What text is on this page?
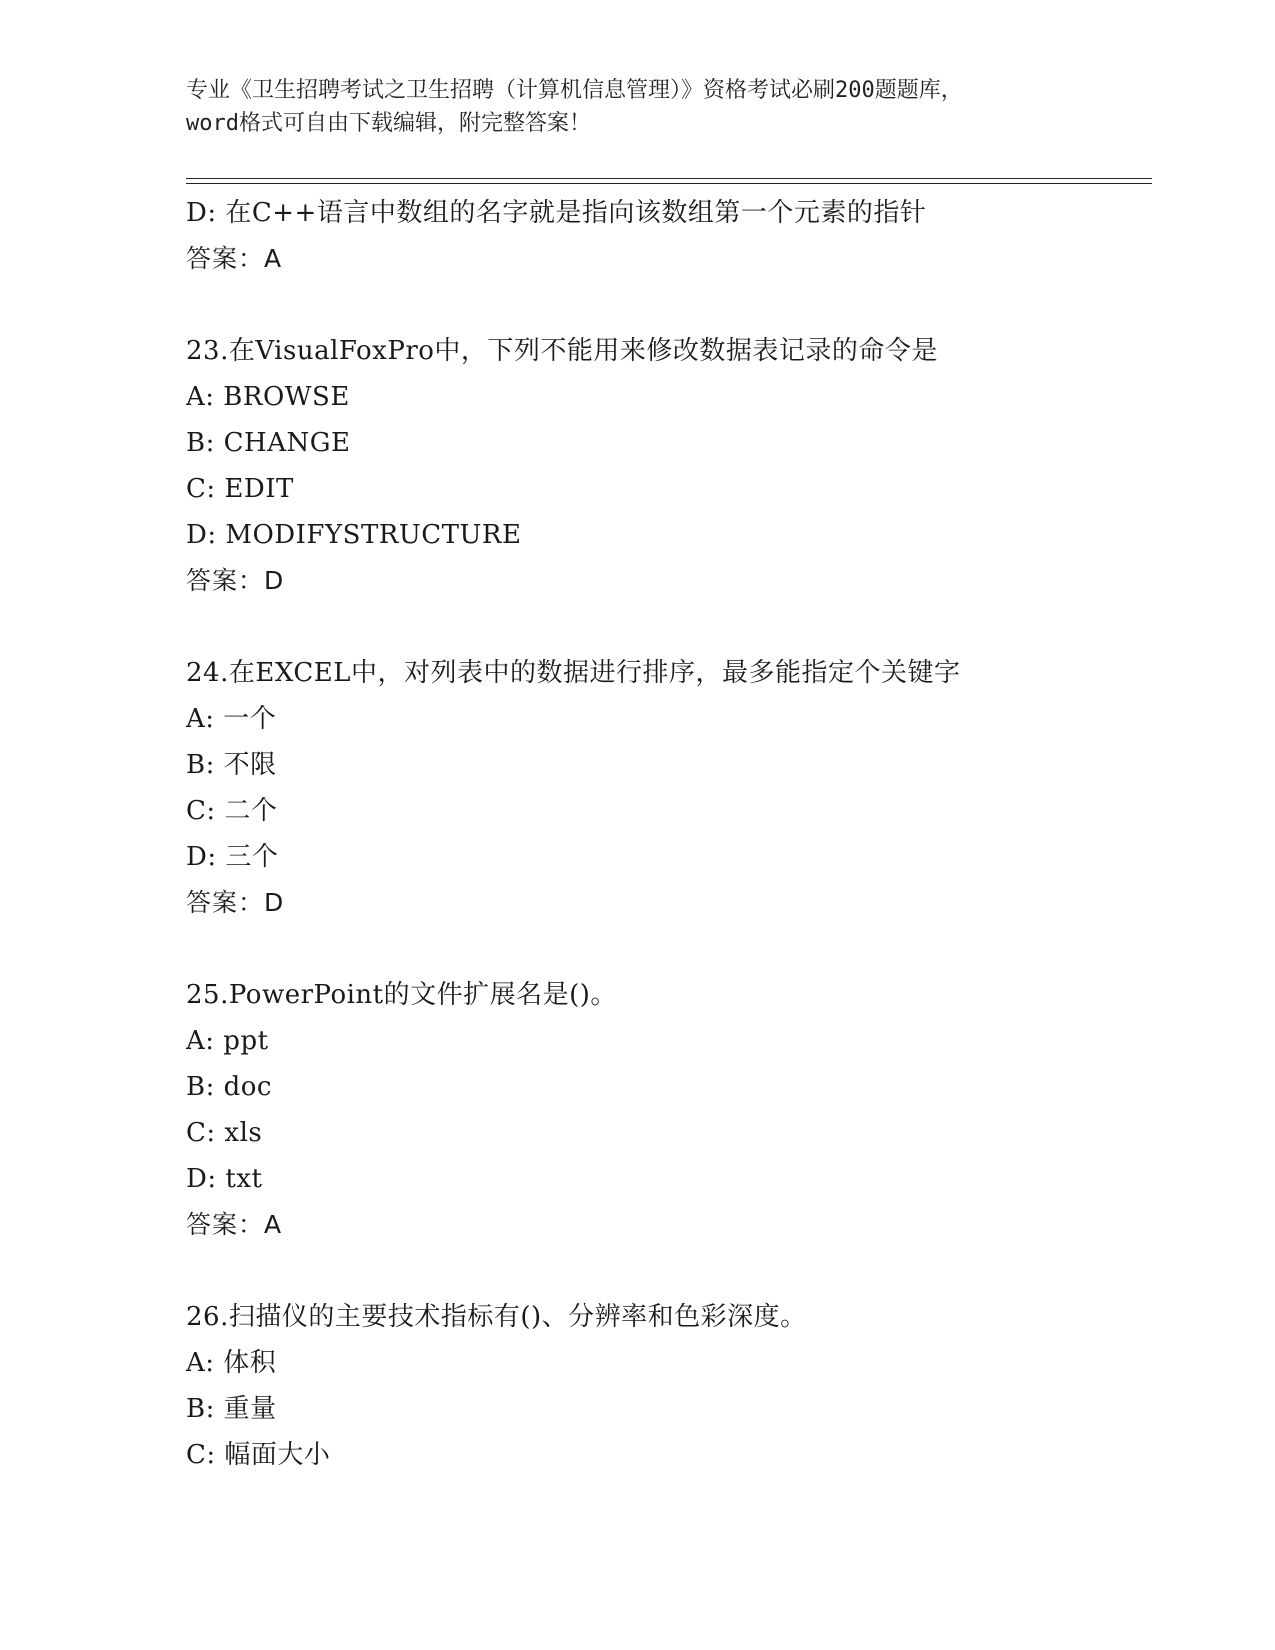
专业《卫生招聘考试之卫生招聘（计算机信息管理）》资格考试必刷200题题库，
word格式可自由下载编辑，附完整答案！
D: 在C++语言中数组的名字就是指向该数组第一个元素的指针
答案：A
23.在VisualFoxPro中，下列不能用来修改数据表记录的命令是
A: BROWSE
B: CHANGE
C: EDIT
D: MODIFYSTRUCTURE
答案：D
24.在EXCEL中，对列表中的数据进行排序，最多能指定个关键字
A: 一个
B: 不限
C: 二个
D: 三个
答案：D
25.PowerPoint的文件扩展名是()。
A: ppt
B: doc
C: xls
D: txt
答案：A
26.扫描仪的主要技术指标有()、分辨率和色彩深度。
A: 体积
B: 重量
C: 幅面大小
